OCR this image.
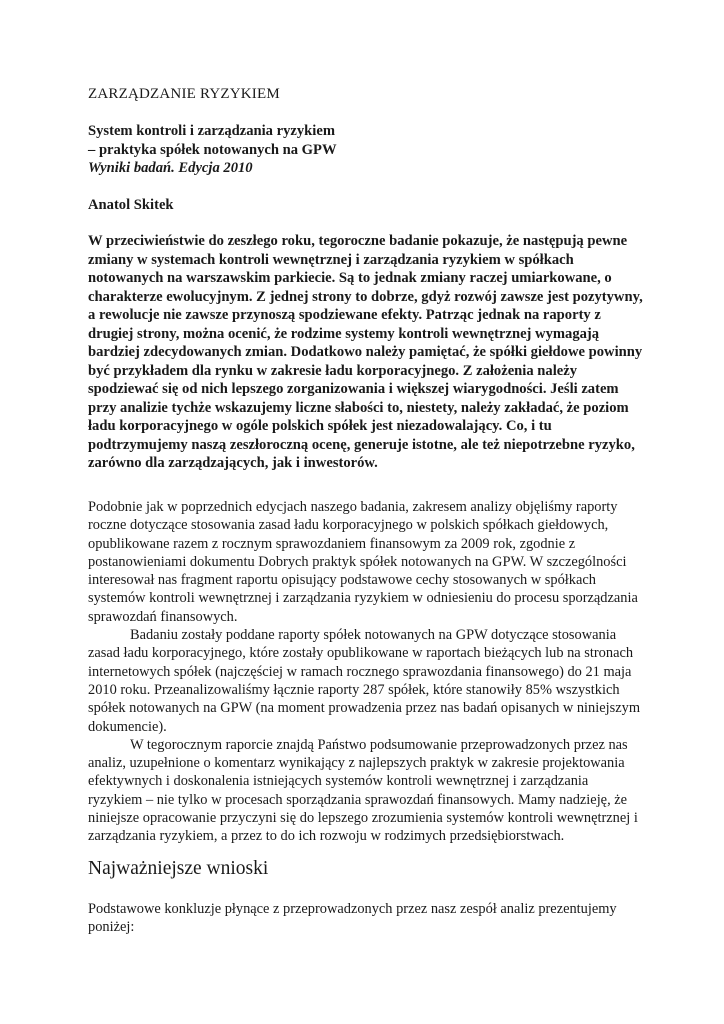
ZARZĄDZANIE RYZYKIEM

System kontroli i zarządzania ryzykiem
– praktyka spółek notowanych na GPW
Wyniki badań. Edycja 2010

Anatol Skitek

W przeciwieństwie do zeszłego roku, tegoroczne badanie pokazuje, że następują pewne zmiany w systemach kontroli wewnętrznej i zarządzania ryzykiem w spółkach notowanych na warszawskim parkiecie. Są to jednak zmiany raczej umiarkowane, o charakterze ewolucyjnym. Z jednej strony to dobrze, gdyż rozwój zawsze jest pozytywny, a rewolucje nie zawsze przynoszą spodziewane efekty. Patrząc jednak na raporty z drugiej strony, można ocenić, że rodzime systemy kontroli wewnętrznej wymagają bardziej zdecydowanych zmian. Dodatkowo należy pamiętać, że spółki giełdowe powinny być przykładem dla rynku w zakresie ładu korporacyjnego. Z założenia należy spodziewać się od nich lepszego zorganizowania i większej wiarygodności. Jeśli zatem przy analizie tychże wskazujemy liczne słabości to, niestety, należy zakładać, że poziom ładu korporacyjnego w ogóle polskich spółek jest niezadowalający. Co, i tu podtrzymujemy naszą zeszłoroczną ocenę, generuje istotne, ale też niepotrzebne ryzyko, zarówno dla zarządzających, jak i inwestorów.

Podobnie jak w poprzednich edycjach naszego badania, zakresem analizy objęliśmy raporty roczne dotyczące stosowania zasad ładu korporacyjnego w polskich spółkach giełdowych, opublikowane razem z rocznym sprawozdaniem finansowym za 2009 rok, zgodnie z postanowieniami dokumentu Dobrych praktyk spółek notowanych na GPW. W szczególności interesował nas fragment raportu opisujący podstawowe cechy stosowanych w spółkach systemów kontroli wewnętrznej i zarządzania ryzykiem w odniesieniu do procesu sporządzania sprawozdań finansowych.

Badaniu zostały poddane raporty spółek notowanych na GPW dotyczące stosowania zasad ładu korporacyjnego, które zostały opublikowane w raportach bieżących lub na stronach internetowych spółek (najczęściej w ramach rocznego sprawozdania finansowego) do 21 maja 2010 roku. Przeanalizowaliśmy łącznie raporty 287 spółek, które stanowiły 85% wszystkich spółek notowanych na GPW (na moment prowadzenia przez nas badań opisanych w niniejszym dokumencie).

W tegorocznym raporcie znajdą Państwo podsumowanie przeprowadzonych przez nas analiz, uzupełnione o komentarz wynikający z najlepszych praktyk w zakresie projektowania efektywnych i doskonalenia istniejących systemów kontroli wewnętrznej i zarządzania ryzykiem – nie tylko w procesach sporządzania sprawozdań finansowych. Mamy nadzieję, że niniejsze opracowanie przyczyni się do lepszego zrozumienia systemów kontroli wewnętrznej i zarządzania ryzykiem, a przez to do ich rozwoju w rodzimych przedsiębiorstwach.

Najważniejsze wnioski

Podstawowe konkluzje płynące z przeprowadzonych przez nasz zespół analiz prezentujemy poniżej:
